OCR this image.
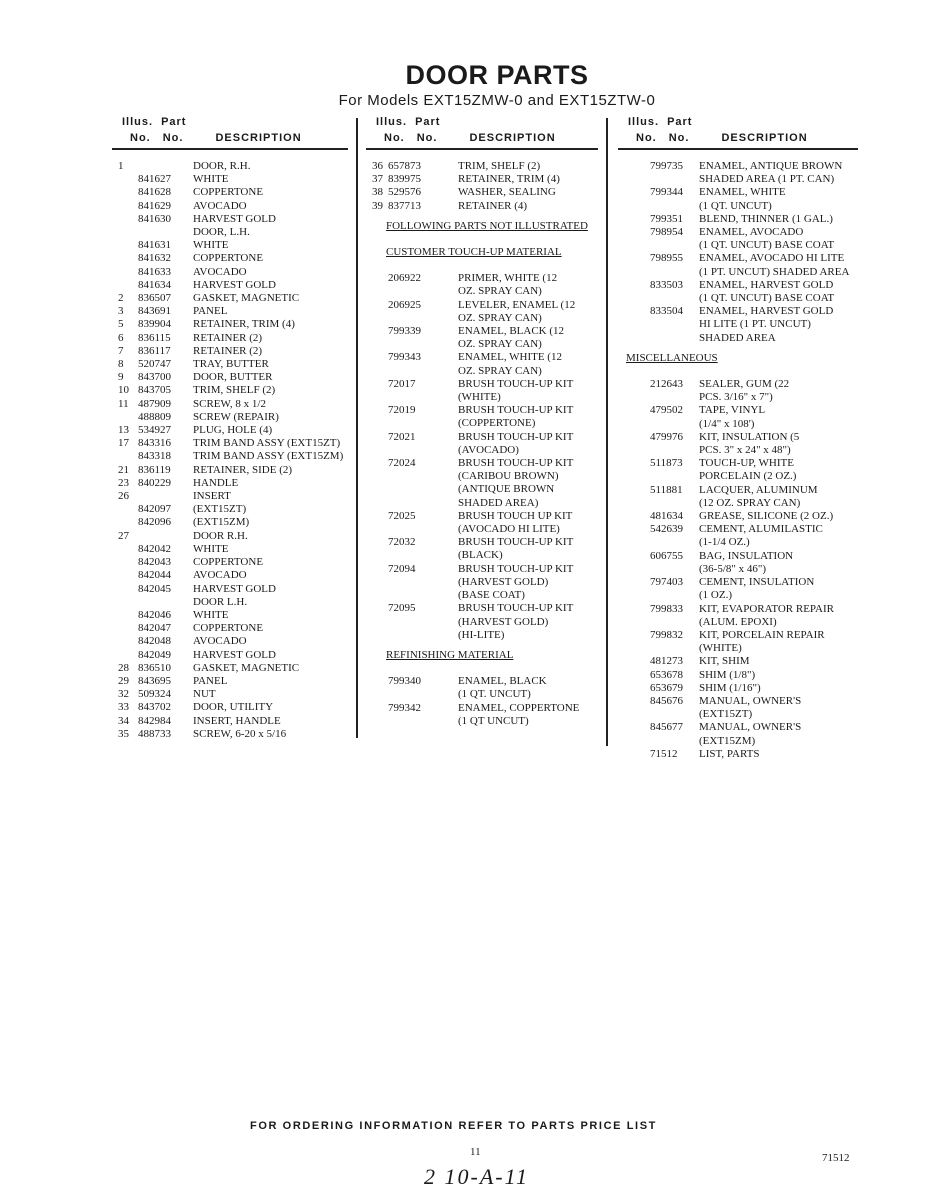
DOOR PARTS
For Models EXT15ZMW-0 and EXT15ZTW-0
Illus. Part
No. No.	DESCRIPTION
1	DOOR, R.H.
841627	WHITE
841628	COPPERTONE
841629	AVOCADO
841630	HARVEST GOLD
DOOR, L.H.
841631	WHITE
841632	COPPERTONE
841633	AVOCADO
841634	HARVEST GOLD
2	836507	GASKET, MAGNETIC
3	843691	PANEL
5	839904	RETAINER, TRIM (4)
6	836115	RETAINER (2)
7	836117	RETAINER (2)
8	520747	TRAY, BUTTER
9	843700	DOOR, BUTTER
10 843705	TRIM, SHELF (2)
11 487909	SCREW, 8 x 1/2
488809	SCREW (REPAIR)
13 534927	PLUG, HOLE (4)
17 843316	TRIM BAND ASSY (EXT15ZT)
843318	TRIM BAND ASSY (EXT15ZM)
21 836119	RETAINER, SIDE (2)
23 840229	HANDLE
26	INSERT
842097	(EXT15ZT)
842096	(EXT15ZM)
27	DOOR R.H.
842042	WHITE
842043	COPPERTONE
842044	AVOCADO
842045	HARVEST GOLD
DOOR L.H.
842046	WHITE
842047	COPPERTONE
842048	AVOCADO
842049	HARVEST GOLD
28 836510	GASKET, MAGNETIC
29 843695	PANEL
32 509324	NUT
33 843702	DOOR, UTILITY
34 842984	INSERT, HANDLE
35 488733	SCREW, 6-20 x 5/16
Illus. Part
No. No.	DESCRIPTION
36 657873	TRIM, SHELF (2)
37 839975	RETAINER, TRIM (4)
38 529576	WASHER, SEALING
39 837713	RETAINER (4)
FOLLOWING PARTS NOT ILLUSTRATED
CUSTOMER TOUCH-UP MATERIAL
206922	PRIMER, WHITE (12
OZ. SPRAY CAN)
206925	LEVELER, ENAMEL (12
OZ. SPRAY CAN)
799339	ENAMEL, BLACK (12
OZ. SPRAY CAN)
799343	ENAMEL, WHITE (12
OZ. SPRAY CAN)
72017	BRUSH TOUCH-UP KIT
(WHITE)
72019	BRUSH TOUCH-UP KIT
(COPPERTONE)
72021	BRUSH TOUCH-UP KIT
(AVOCADO)
72024	BRUSH TOUCH-UP KIT
(CARIBOU BROWN)
(ANTIQUE BROWN
SHADED AREA)
72025	BRUSH TOUCH UP KIT
(AVOCADO HI LITE)
72032	BRUSH TOUCH-UP KIT
(BLACK)
72094	BRUSH TOUCH-UP KIT
(HARVEST GOLD)
(BASE COAT)
72095	BRUSH TOUCH-UP KIT
(HARVEST GOLD)
(HI-LITE)
REFINISHING MATERIAL
799340	ENAMEL, BLACK
(1 QT. UNCUT)
799342	ENAMEL, COPPERTONE
(1 QT UNCUT)
Illus. Part
No. No.	DESCRIPTION
799735	ENAMEL, ANTIQUE BROWN
SHADED AREA (1 PT. CAN)
799344	ENAMEL, WHITE
(1 QT. UNCUT)
799351	BLEND, THINNER (1 GAL.)
798954	ENAMEL, AVOCADO
(1 QT. UNCUT) BASE COAT
798955	ENAMEL, AVOCADO HI LITE
(1 PT. UNCUT) SHADED AREA
833503	ENAMEL, HARVEST GOLD
(1 QT. UNCUT) BASE COAT
833504	ENAMEL, HARVEST GOLD
HI LITE (1 PT. UNCUT)
SHADED AREA
MISCELLANEOUS
212643	SEALER, GUM (22
PCS. 3/16" x 7")
479502	TAPE, VINYL
(1/4" x 108')
479976	KIT, INSULATION (5
PCS. 3" x 24" x 48")
511873	TOUCH-UP, WHITE
PORCELAIN (2 OZ.)
511881	LACQUER, ALUMINUM
(12 OZ. SPRAY CAN)
481634	GREASE, SILICONE (2 OZ.)
542639	CEMENT, ALUMILASTIC
(1-1/4 OZ.)
606755	BAG, INSULATION
(36-5/8" x 46")
797403	CEMENT, INSULATION
(1 OZ.)
799833	KIT, EVAPORATOR REPAIR
(ALUM. EPOXI)
799832	KIT, PORCELAIN REPAIR
(WHITE)
481273	KIT, SHIM
653678	SHIM (1/8")
653679	SHIM (1/16")
845676	MANUAL, OWNER'S
(EXT15ZT)
845677	MANUAL, OWNER'S
(EXT15ZM)
71512	LIST, PARTS
FOR ORDERING INFORMATION REFER TO PARTS PRICE LIST
11	71512
2 10-A-11
